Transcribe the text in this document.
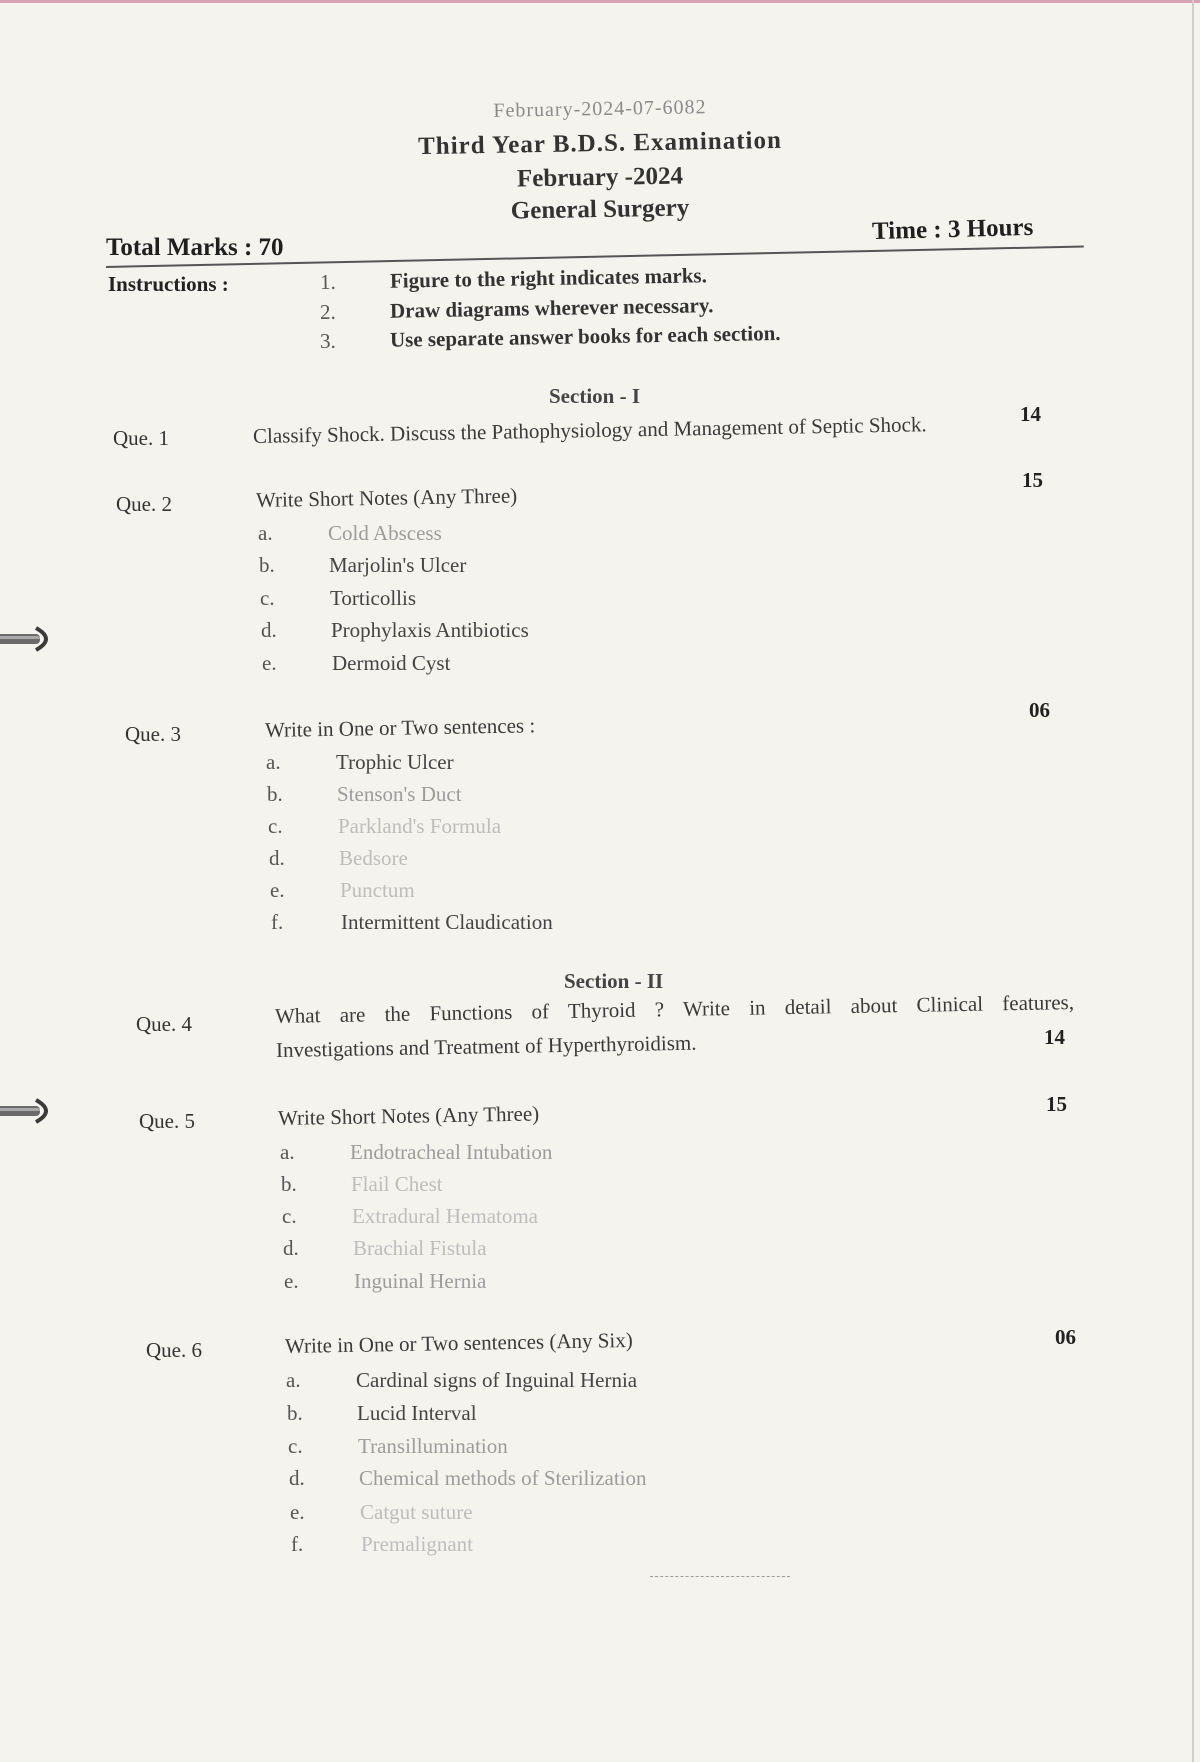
February-2024-07-6082
Third Year B.D.S. Examination
February -2024
General Surgery
Total Marks : 70
Time : 3 Hours
Instructions :	1.	Figure to the right indicates marks.
2.	Draw diagrams wherever necessary.
3.	Use separate answer books for each section.
Section - I
Que. 1	Classify Shock. Discuss the Pathophysiology and Management of Septic Shock.	14
Que. 2	Write Short Notes (Any Three)
15
a.	Cold Abscess
b.	Marjolin's Ulcer
c.	Torticollis
d.	Prophylaxis Antibiotics
e.	Dermoid Cyst
Que. 3	Write in One or Two sentences :
06
a.	Trophic Ulcer
b.	Stenson's Duct
c.	Parkland's Formula
d.	Bedsore
e.	Punctum
f.	Intermittent Claudication
Section - II
Que. 4	What are the Functions of Thyroid ? Write in detail about Clinical features,
Investigations and Treatment of Hyperthyroidism.	14
Que. 5	Write Short Notes (Any Three)	15
a.	Endotracheal Intubation
b.	Flail Chest
c.	Extradural Hematoma
d.	Brachial Fistula
e.	Inguinal Hernia
Que. 6	Write in One or Two sentences (Any Six)	06
a.	Cardinal signs of Inguinal Hernia
b.	Lucid Interval
c.	Transillumination
d.	Chemical methods of Sterilization
e.	Catgut suture
f.	Premalignant
